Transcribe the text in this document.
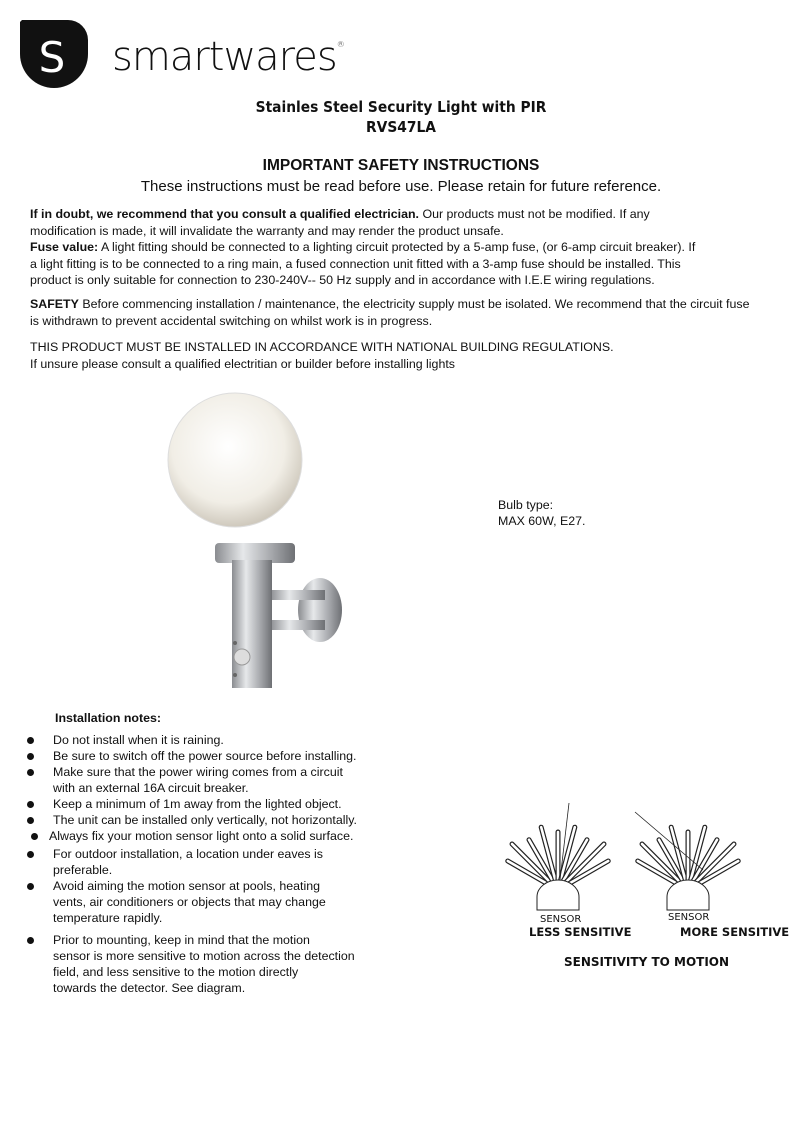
S smartwares®
Stainles Steel Security Light with PIR
RVS47LA
IMPORTANT SAFETY INSTRUCTIONS
These instructions must be read before use. Please retain for future reference.
If in doubt, we recommend that you consult a qualified electrician. Our products must not be modified. If any
modification is made, it will invalidate the warranty and may render the product unsafe.
Fuse value: A light fitting should be connected to a lighting circuit protected by a 5-amp fuse, (or 6-amp circuit breaker). If
a light fitting is to be connected to a ring main, a fused connection unit fitted with a 3-amp fuse should be installed. This
product is only suitable for connection to 230-240V-- 50 Hz supply and in accordance with I.E.E wiring regulations.
SAFETY Before commencing installation / maintenance, the electricity supply must be isolated. We recommend that the circuit fuse
is withdrawn to prevent accidental switching on whilst work is in progress.
THIS PRODUCT MUST BE INSTALLED IN ACCORDANCE WITH NATIONAL BUILDING REGULATIONS.
If unsure please consult a qualified electritian or builder before installing lights
Bulb type:
MAX 60W, E27.
Installation notes:
Do not install when it is raining.
Be sure to switch off the power source before installing.
Make sure that the power wiring comes from a circuit
with an external 16A circuit breaker.
Keep a minimum of 1m away from the lighted object.
The unit can be installed only vertically, not horizontally.
Always fix your motion sensor light onto a solid surface.
For outdoor installation, a location under eaves is
preferable.
Avoid aiming the motion sensor at pools, heating
vents, air conditioners or objects that may change
temperature rapidly.
Prior to mounting, keep in mind that the motion
sensor is more sensitive to motion across the detection
field, and less sensitive to the motion directly
towards the detector. See diagram.
SENSOR	SENSOR
LESS SENSITIVE	MORE SENSITIVE
SENSITIVITY TO MOTION
